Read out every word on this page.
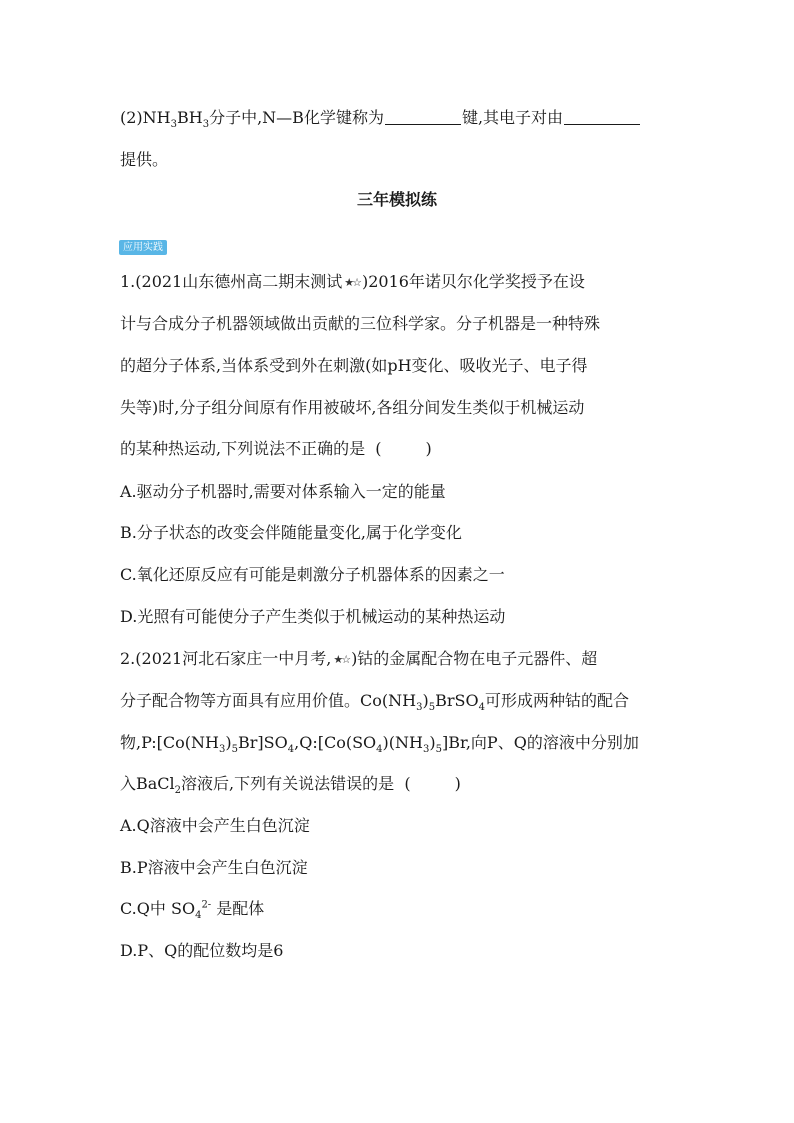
$(2)NH_3BH_3$分子中,N—B化学键称为	键,其电子对由
提供。
三年模拟练
应用实践
1.(2021山东德州高二期末测试 ★☆ )2016年诺贝尔化学奖授予在设
计与合成分子机器领域做出贡献的三位科学家。分子机器是一种特殊
的超分子体系,当体系受到外在刺激(如pH变化、吸收光子、电子得
失等)时,分子组分间原有作用被破坏,各组分间发生类似于机械运动
的某种热运动,下列说法不正确的是 (	)
A.驱动分子机器时,需要对体系输入一定的能量
B.分子状态的改变会伴随能量变化,属于化学变化
C.氧化还原反应有可能是刺激分子机器体系的因素之一
D.光照有可能使分子产生类似于机械运动的某种热运动
2.(2021河北石家庄一中月考, ★☆ )钴的金属配合物在电子元器件、超
分子配合物等方面具有应用价值。$Co(NH_3)_5BrSO_4$可形成两种钴的配合
物$,P:[Co(NH_3)_5Br]SO_4,Q:[Co(SO_4)(NH_3)_5]Br$,向P、Q的溶液中分别加
入BaCl$_2$溶液后,下列有关说法错误的是 (	)
A.Q溶液中会产生白色沉淀
B.P溶液中会产生白色沉淀
C.Q中 $SO_4^{2-}$ 是配体
D.P、Q的配位数均是6
